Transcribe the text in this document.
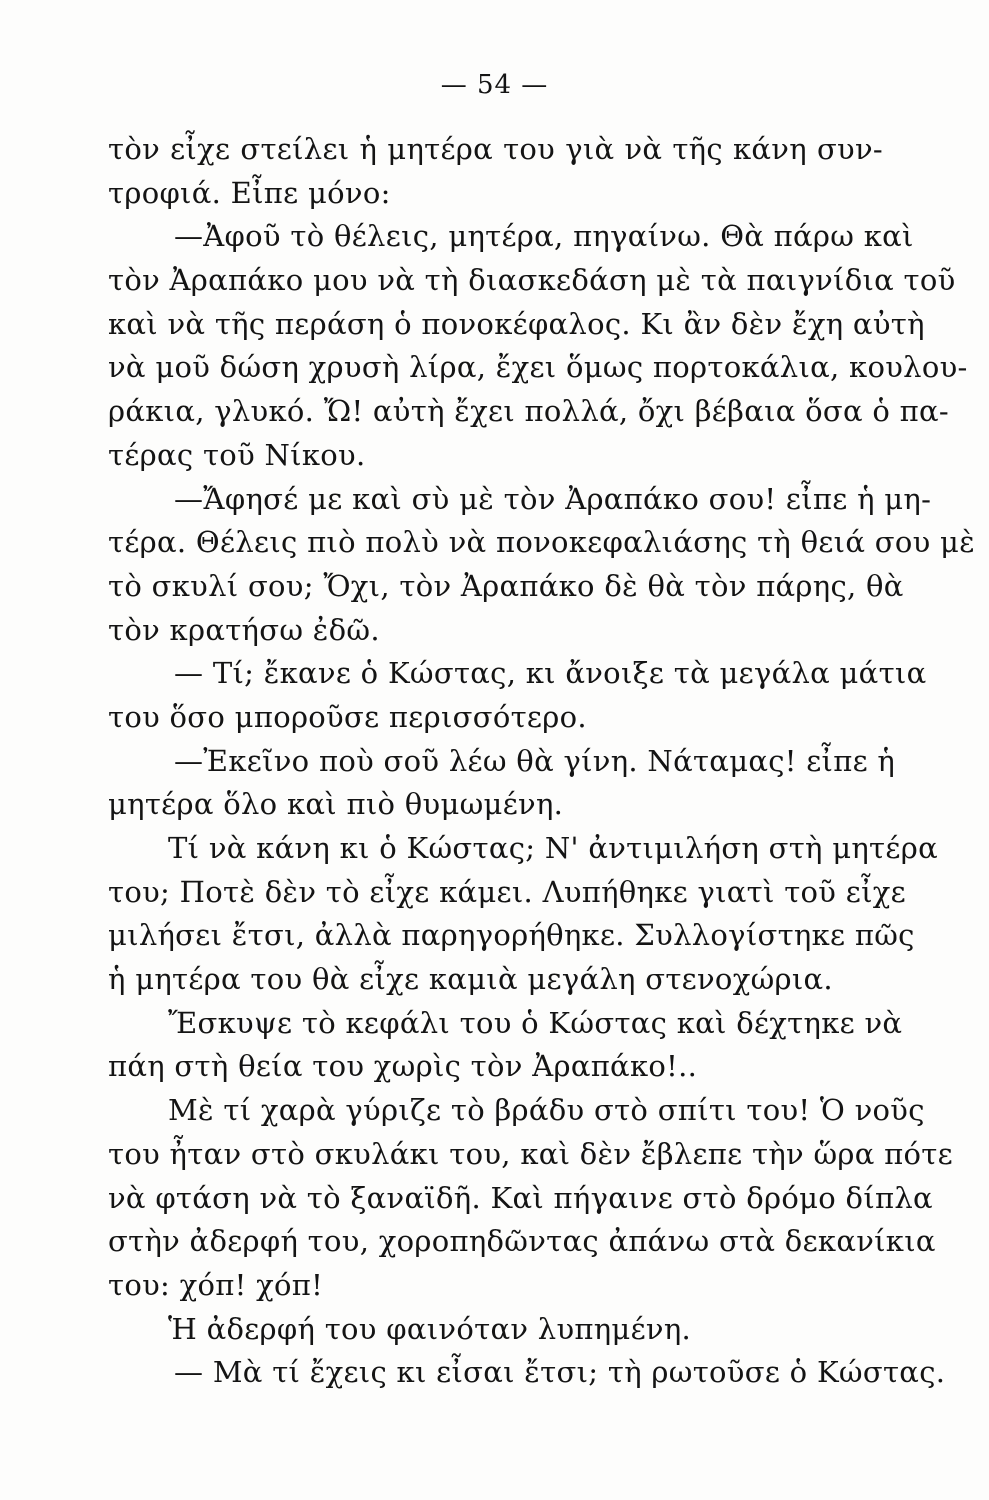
— 54 —
τὸν εἶχε στείλει ἡ μητέρα του γιὰ νὰ τῆς κάνη συν-
τροφιά. Εἶπε μόνο:
—Ἀφοῦ τὸ θέλεις, μητέρα, πηγαίνω. Θὰ πάρω καὶ
τὸν Ἀραπάκο μου νὰ τὴ διασκεδάση μὲ τὰ παιγνίδια τοῦ
καὶ νὰ τῆς περάση ὁ πονοκέφαλος. Κι ἂν δὲν ἔχη αὐτὴ
νὰ μοῦ δώση χρυσὴ λίρα, ἔχει ὅμως πορτοκάλια, κουλου-
ράκια, γλυκό. Ὤ! αὐτὴ ἔχει πολλά, ὄχι βέβαια ὅσα ὁ πα-
τέρας τοῦ Νίκου.
—Ἄφησέ με καὶ σὺ μὲ τὸν Ἀραπάκο σου! εἶπε ἡ μη-
τέρα. Θέλεις πιὸ πολὺ νὰ πονοκεφαλιάσης τὴ θειά σου μὲ
τὸ σκυλί σου; Ὄχι, τὸν Ἀραπάκο δὲ θὰ τὸν πάρης, θὰ
τὸν κρατήσω ἐδῶ.
— Τί; ἔκανε ὁ Κώστας, κι ἄνοιξε τὰ μεγάλα μάτια
του ὅσο μποροῦσε περισσότερο.
—Ἐκεῖνο ποὺ σοῦ λέω θὰ γίνη. Νάταμας! εἶπε ἡ
μητέρα ὅλο καὶ πιὸ θυμωμένη.
Τί νὰ κάνη κι ὁ Κώστας; Ν' ἀντιμιλήση στὴ μητέρα
του; Ποτὲ δὲν τὸ εἶχε κάμει. Λυπήθηκε γιατὶ τοῦ εἶχε
μιλήσει ἔτσι, ἀλλὰ παρηγορήθηκε. Συλλογίστηκε πῶς
ἡ μητέρα του θὰ εἶχε καμιὰ μεγάλη στενοχώρια.
Ἔσκυψε τὸ κεφάλι του ὁ Κώστας καὶ δέχτηκε νὰ
πάη στὴ θεία του χωρὶς τὸν Ἀραπάκο!..
Μὲ τί χαρὰ γύριζε τὸ βράδυ στὸ σπίτι του! Ὁ νοῦς
του ἦταν στὸ σκυλάκι του, καὶ δὲν ἔβλεπε τὴν ὥρα πότε
νὰ φτάση νὰ τὸ ξαναϊδῆ. Καὶ πήγαινε στὸ δρόμο δίπλα
στὴν ἀδερφή του, χοροπηδῶντας ἀπάνω στὰ δεκανίκια
του: χόπ! χόπ!
Ἡ ἀδερφή του φαινόταν λυπημένη.
— Μὰ τί ἔχεις κι εἶσαι ἔτσι; τὴ ρωτοῦσε ὁ Κώστας.
